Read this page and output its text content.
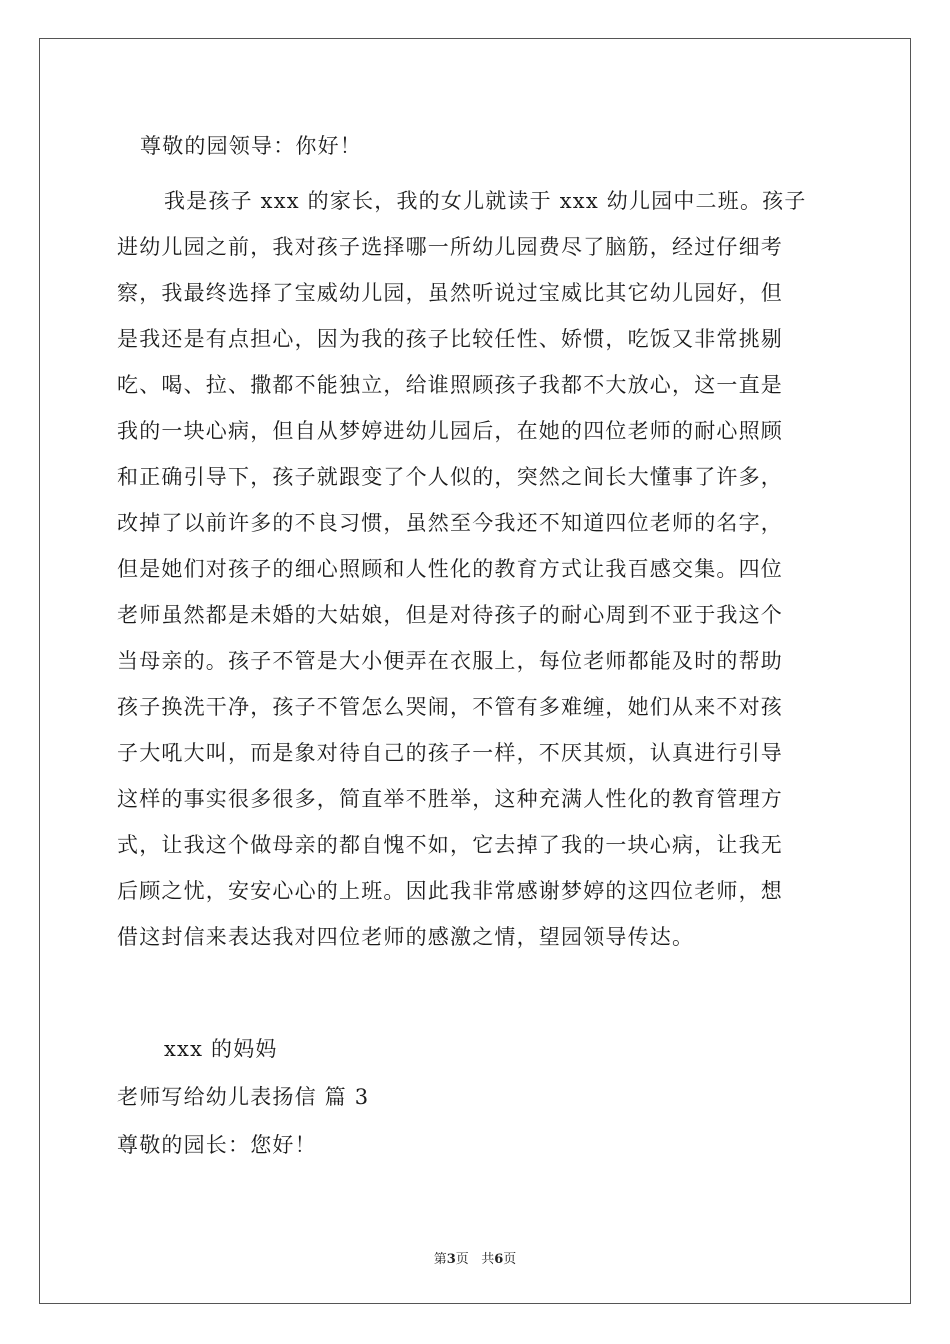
尊敬的园领导：你好！
我是孩子 xxx 的家长，我的女儿就读于 xxx 幼儿园中二班。孩子
进幼儿园之前，我对孩子选择哪一所幼儿园费尽了脑筋，经过仔细考
察，我最终选择了宝威幼儿园，虽然听说过宝威比其它幼儿园好，但
是我还是有点担心，因为我的孩子比较任性、娇惯，吃饭又非常挑剔
吃、喝、拉、撒都不能独立，给谁照顾孩子我都不大放心，这一直是
我的一块心病，但自从梦婷进幼儿园后，在她的四位老师的耐心照顾
和正确引导下，孩子就跟变了个人似的，突然之间长大懂事了许多，
改掉了以前许多的不良习惯，虽然至今我还不知道四位老师的名字，
但是她们对孩子的细心照顾和人性化的教育方式让我百感交集。四位
老师虽然都是未婚的大姑娘，但是对待孩子的耐心周到不亚于我这个
当母亲的。孩子不管是大小便弄在衣服上，每位老师都能及时的帮助
孩子换洗干净，孩子不管怎么哭闹，不管有多难缠，她们从来不对孩
子大吼大叫，而是象对待自己的孩子一样，不厌其烦，认真进行引导
这样的事实很多很多，简直举不胜举，这种充满人性化的教育管理方
式，让我这个做母亲的都自愧不如，它去掉了我的一块心病，让我无
后顾之忧，安安心心的上班。因此我非常感谢梦婷的这四位老师，想
借这封信来表达我对四位老师的感激之情，望园领导传达。
xxx 的妈妈
老师写给幼儿表扬信 篇 3
尊敬的园长：您好！
第3页 共6页
